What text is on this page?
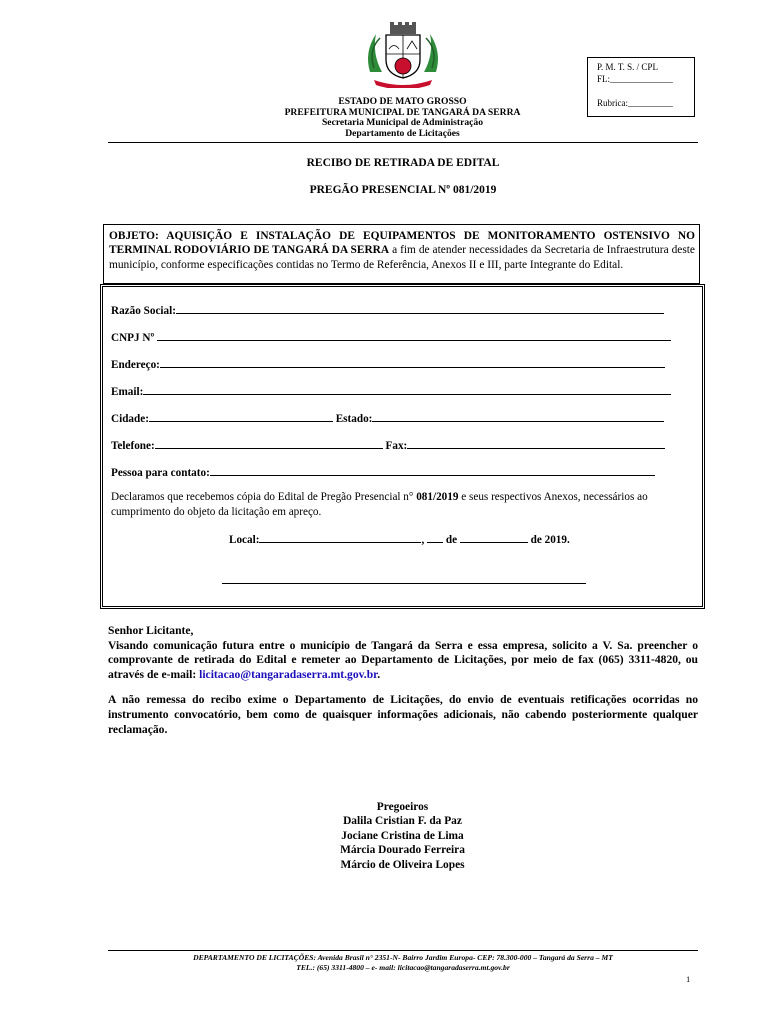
P. M. T. S. / CPL
FL:______________
Rubrica:__________
ESTADO DE MATO GROSSO
PREFEITURA MUNICIPAL DE TANGARÁ DA SERRA
Secretaria Municipal de Administração
Departamento de Licitações
RECIBO DE RETIRADA DE EDITAL
PREGÃO PRESENCIAL Nº 081/2019
OBJETO: AQUISIÇÃO E INSTALAÇÃO DE EQUIPAMENTOS DE MONITORAMENTO OSTENSIVO NO TERMINAL RODOVIÁRIO DE TANGARÁ DA SERRA a fim de atender necessidades da Secretaria de Infraestrutura deste município, conforme especificações contidas no Termo de Referência, Anexos II e III, parte Integrante do Edital.
Razão Social:
CNPJ Nº
Endereço:
Email:
Cidade:	Estado:
Telefone:	Fax:
Pessoa para contato:
Declaramos que recebemos cópia do Edital de Pregão Presencial n° 081/2019 e seus respectivos Anexos, necessários ao cumprimento do objeto da licitação em apreço.
Local:	, de	de 2019.

Senhor Licitante,

Visando comunicação futura entre o município de Tangará da Serra e essa empresa, solicito a V. Sa. preencher o comprovante de retirada do Edital e remeter ao Departamento de Licitações, por meio de fax (065) 3311-4820, ou através de e-mail: licitacao@tangaradaserra.mt.gov.br.

A não remessa do recibo exime o Departamento de Licitações, do envio de eventuais retificações ocorridas no instrumento convocatório, bem como de quaisquer informações adicionais, não cabendo posteriormente qualquer reclamação.

Pregoeiros
Dalila Cristian F. da Paz
Jociane Cristina de Lima
Márcia Dourado Ferreira
Márcio de Oliveira Lopes
DEPARTAMENTO DE LICITAÇÕES: Avenida Brasil n° 2351-N- Bairro Jardim Europa- CEP: 78.300-000 – Tangará da Serra – MT
TEL.: (65) 3311-4800 – e- mail: licitacao@tangaradaserra.mt.gov.br
1
